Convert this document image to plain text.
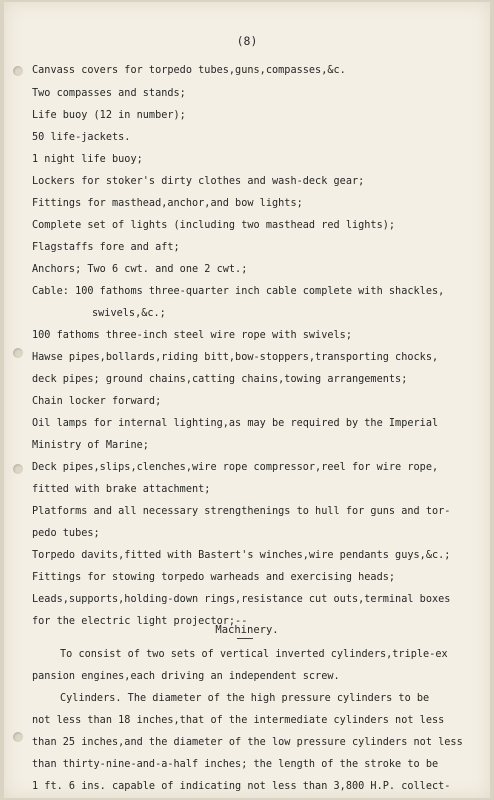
(8)
Canvass covers for torpedo tubes,guns,compasses,&c.
Two compasses and stands;
Life buoy (12 in number);
50 life-jackets.
1 night life buoy;
Lockers for stoker's dirty clothes and wash-deck gear;
Fittings for masthead,anchor,and bow lights;
Complete set of lights (including two masthead red lights);
Flagstaffs fore and aft;
Anchors; Two 6 cwt. and one 2 cwt.;
Cable: 100 fathoms three-quarter inch cable complete with shackles,
swivels,&c.;
100 fathoms three-inch steel wire rope with swivels;
Hawse pipes,bollards,riding bitt,bow-stoppers,transporting chocks,
deck pipes; ground chains,catting chains,towing arrangements;
Chain locker forward;
Oil lamps for internal lighting,as may be required by the Imperial
Ministry of Marine;
Deck pipes,slips,clenches,wire rope compressor,reel for wire rope,
fitted with brake attachment;
Platforms and all necessary strengthenings to hull for guns and tor-
pedo tubes;
Torpedo davits,fitted with Bastert's winches,wire pendants guys,&c.;
Fittings for stowing torpedo warheads and exercising heads;
Leads,supports,holding-down rings,resistance cut outs,terminal boxes
for the electric light projector;--
Machinery.
To consist of two sets of vertical inverted cylinders,triple-ex
pansion engines,each driving an independent screw.
Cylinders. The diameter of the high pressure cylinders to be
not less than 18 inches,that of the intermediate cylinders not less
than 25 inches,and the diameter of the low pressure cylinders not less
than thirty-nine-and-a-half inches; the length of the stroke to be
1 ft. 6 ins. capable of indicating not less than 3,800 H.P. collect-
